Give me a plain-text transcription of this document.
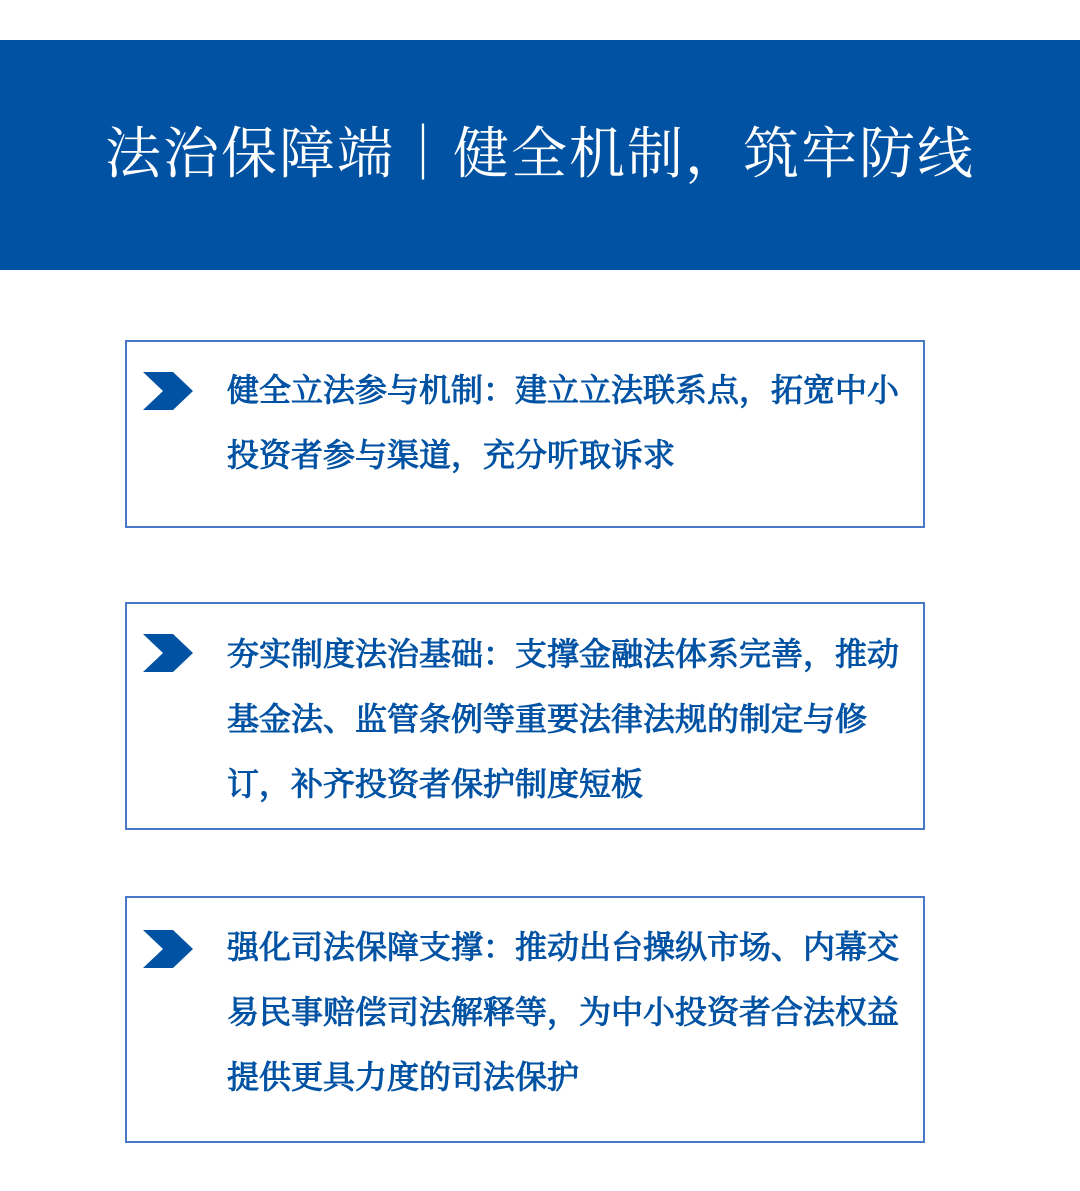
法治保障端｜健全机制，筑牢防线
健全立法参与机制：建立立法联系点，拓宽中小投资者参与渠道，充分听取诉求
夯实制度法治基础：支撑金融法体系完善，推动基金法、监管条例等重要法律法规的制定与修订，补齐投资者保护制度短板
强化司法保障支撑：推动出台操纵市场、内幕交易民事赔偿司法解释等，为中小投资者合法权益提供更具力度的司法保护
